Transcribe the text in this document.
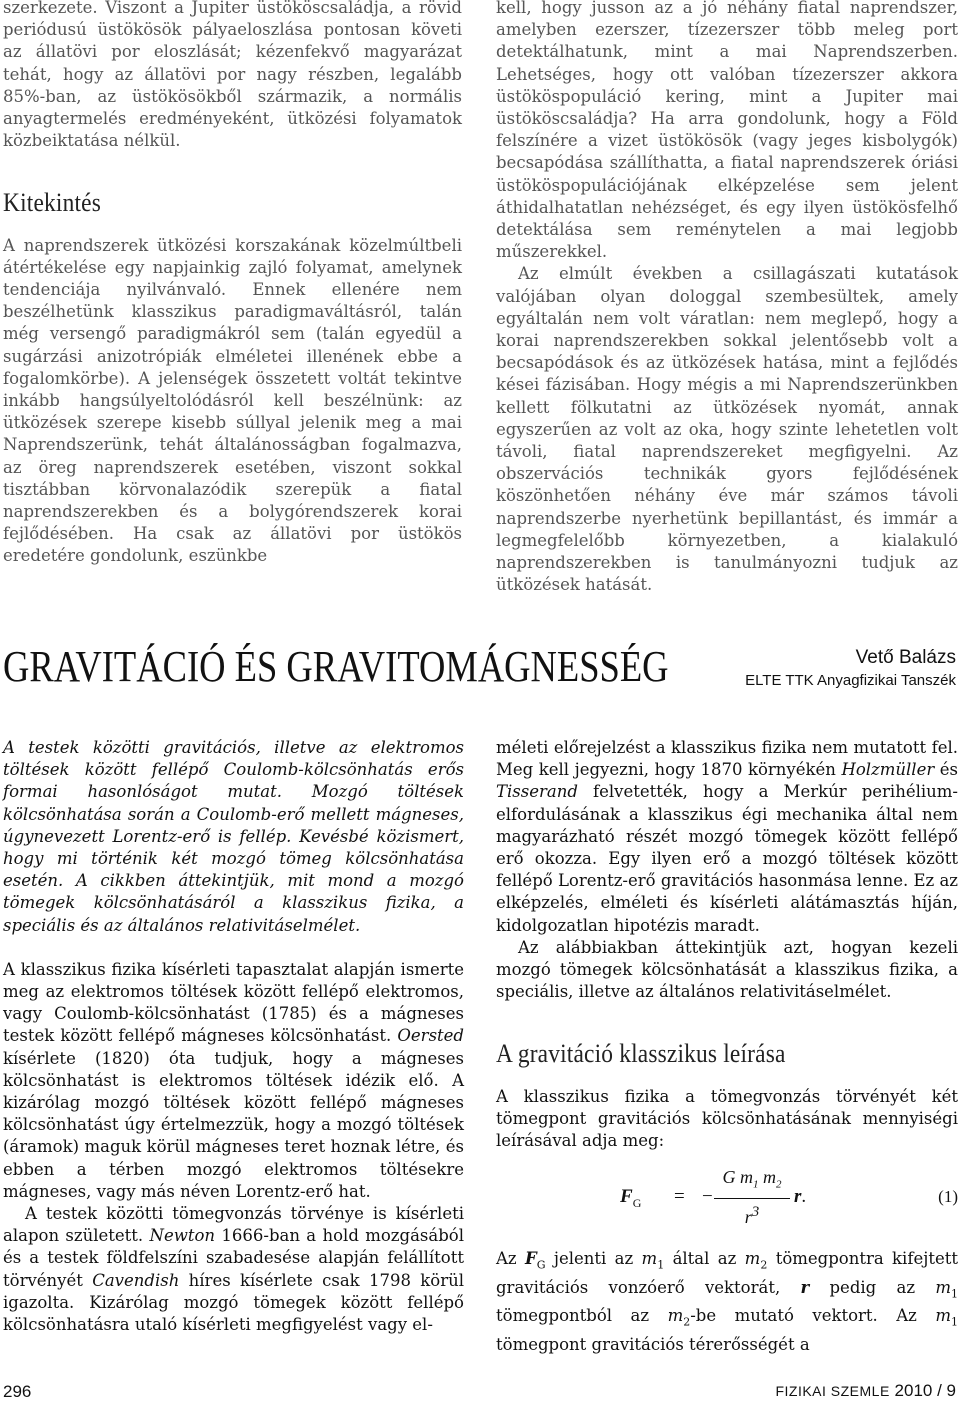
szerkezete. Viszont a Jupiter üstököscsaládja, a rövid periódusú üstökösök pályaeloszlása pontosan követi az állatövi por eloszlását; kézenfekvő magyarázat tehát, hogy az állatövi por nagy részben, legalább 85%-ban, az üstökösökből származik, a normális anyagtermelés eredményeként, ütközési folyamatok közbeiktatása nélkül.

Kitekintés

A naprendszerek ütközési korszakának közelmúltbeli átértékelése egy napjainkig zajló folyamat, amelynek tendenciája nyilvánvaló. Ennek ellenére nem beszélhetünk klasszikus paradigmaváltásról, talán még versengő paradigmákról sem (talán egyedül a sugárzási anizotrópiák elméletei illenének ebbe a fogalomkörbe). A jelenségek összetett voltát tekintve inkább hangsúlyeltolódásról kell beszélnünk: az ütközések szerepe kisebb súllyal jelenik meg a mai Naprendszerünk, tehát általánosságban fogalmazva, az öreg naprendszerek esetében, viszont sokkal tisztábban körvonalazódik szerepük a fiatal naprendszerekben és a bolygórendszerek korai fejlődésében. Ha csak az állatövi por üstökös eredetére gondolunk, eszünkbe

kell, hogy jusson az a jó néhány fiatal naprendszer, amelyben ezerszer, tízezerszer több meleg port detektálhatunk, mint a mai Naprendszerben. Lehetséges, hogy ott valóban tízezerszer akkora üstököspopuláció kering, mint a Jupiter mai üstököscsaládja? Ha arra gondolunk, hogy a Föld felszínére a vizet üstökösök (vagy jeges kisbolygók) becsapódása szállíthatta, a fiatal naprendszerek óriási üstököspopulációjának elképzelése sem jelent áthidalhatatlan nehézséget, és egy ilyen üstökösfelhő detektálása sem reménytelen a mai legjobb műszerekkel.

Az elmúlt években a csillagászati kutatások valójában olyan dologgal szembesültek, amely egyáltalán nem volt váratlan: nem meglepő, hogy a korai naprendszerekben sokkal jelentősebb volt a becsapódások és az ütközések hatása, mint a fejlődés kései fázisában. Hogy mégis a mi Naprendszerünkben kellett fölkutatni az ütközések nyomát, annak egyszerűen az volt az oka, hogy szinte lehetetlen volt távoli, fiatal naprendszereket megfigyelni. Az obszervációs technikák gyors fejlődésének köszönhetően néhány éve már számos távoli naprendszerbe nyerhetünk bepillantást, és immár a legmegfelelőbb környezetben, a kialakuló naprendszerekben is tanulmányozni tudjuk az ütközések hatását.

GRAVITÁCIÓ ÉS GRAVITOMÁGNESSÉG	Vető Balázs
ELTE TTK Anyagfizikai Tanszék

A testek közötti gravitációs, illetve az elektromos töltések között fellépő Coulomb-kölcsönhatás erős formai hasonlóságot mutat. Mozgó töltések kölcsönhatása során a Coulomb-erő mellett mágneses, úgynevezett Lorentz-erő is fellép. Kevésbé közismert, hogy mi történik két mozgó tömeg kölcsönhatása esetén. A cikkben áttekintjük, mit mond a mozgó tömegek kölcsönhatásáról a klasszikus fizika, a speciális és az általános relativitáselmélet.

A klasszikus fizika kísérleti tapasztalat alapján ismerte meg az elektromos töltések között fellépő elektromos, vagy Coulomb-kölcsönhatást (1785) és a mágneses testek között fellépő mágneses kölcsönhatást. Oersted kísérlete (1820) óta tudjuk, hogy a mágneses kölcsönhatást is elektromos töltések idézik elő. A kizárólag mozgó töltések között fellépő mágneses kölcsönhatást úgy értelmezzük, hogy a mozgó töltések (áramok) maguk körül mágneses teret hoznak létre, és ebben a térben mozgó elektromos töltésekre mágneses, vagy más néven Lorentz-erő hat.

A testek közötti tömegvonzás törvénye is kísérleti alapon született. Newton 1666-ban a hold mozgásából és a testek földfelszíni szabadesése alapján felállított törvényét Cavendish híres kísérlete csak 1798 körül igazolta. Kizárólag mozgó tömegek között fellépő kölcsönhatásra utaló kísérleti megfigyelést vagy el-

méleti előrejelzést a klasszikus fizika nem mutatott fel. Meg kell jegyezni, hogy 1870 környékén Holzmüller és Tisserand felvetették, hogy a Merkúr perihélium-elfordulásának a klasszikus égi mechanika által nem magyarázható részét mozgó tömegek között fellépő erő okozza. Egy ilyen erő a mozgó töltések között fellépő Lorentz-erő gravitációs hasonmása lenne. Ez az elképzelés, elméleti és kísérleti alátámasztás híján, kidolgozatlan hipotézis maradt.

Az alábbiakban áttekintjük azt, hogyan kezeli mozgó tömegek kölcsönhatását a klasszikus fizika, a speciális, illetve az általános relativitáselmélet.

A gravitáció klasszikus leírása

A klasszikus fizika a tömegvonzás törvényét két tömegpont gravitációs kölcsönhatásának mennyiségi leírásával adja meg:

$F_G$ = − $\frac{G m_1 m_2}{r^3} r$.	(1)

Az $F_G$ jelenti az $m_1$ által az $m_2$ tömegpontra kifejtett gravitációs vonzóerő vektorát, r pedig az $m_1$ tömegpontból az $m_2-be$ mutató vektort. Az $m_1$ tömegpont gravitációs térerősségét a

296	FIZIKAI SZEMLE 2010 / 9
